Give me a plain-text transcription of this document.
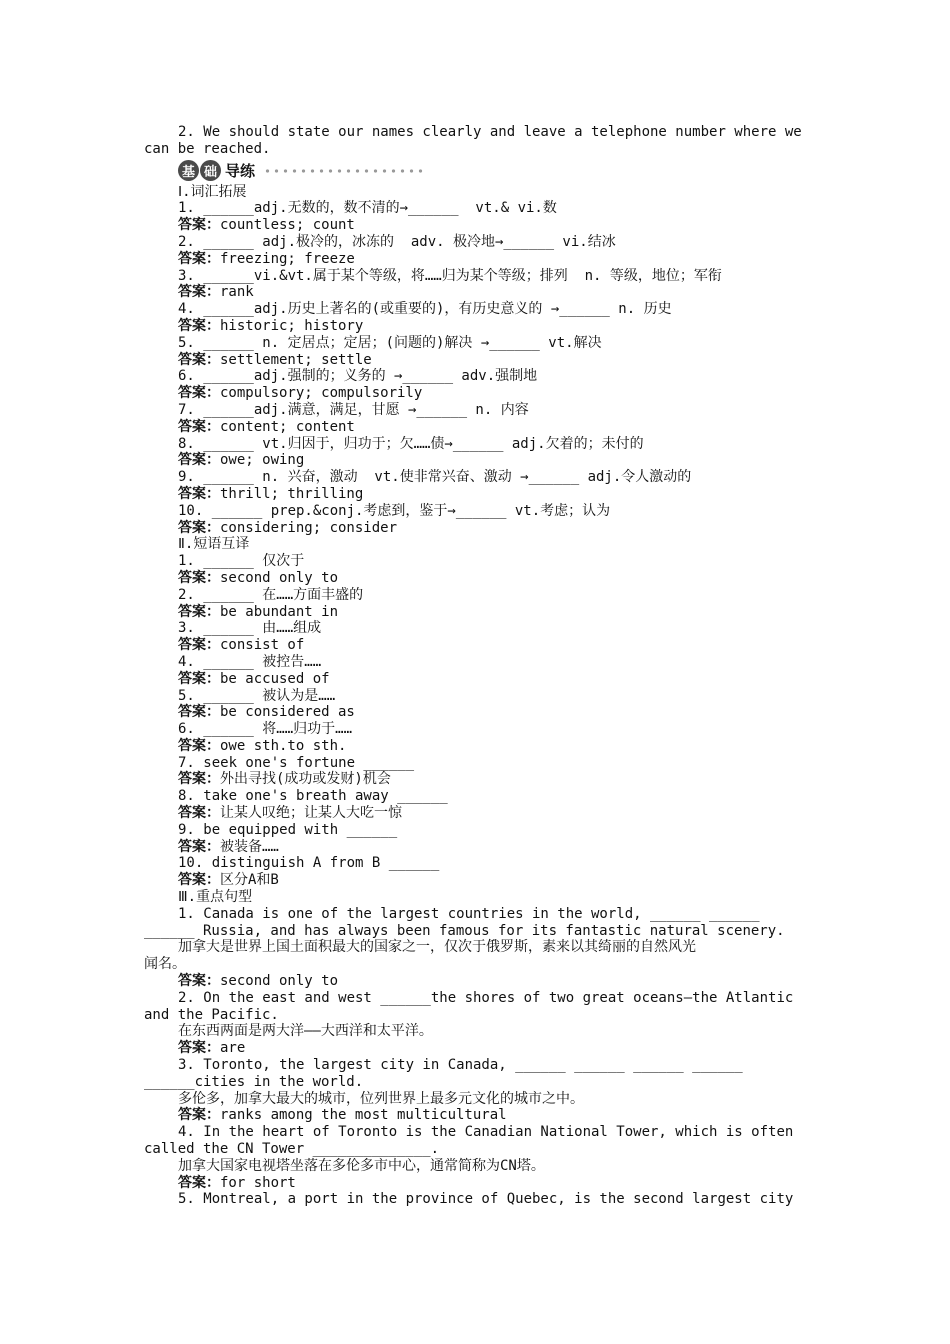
2. We should state our names clearly and leave a telephone number where we
can be reached.
基 础 导练
Ⅰ.词汇拓展
1. ______adj.无数的，数不清的→______  vt.& vi.数
答案：countless; count
2. ______ adj.极冷的，冰冻的  adv. 极冷地→______ vi.结冰
答案：freezing; freeze
3. ______vi.&vt.属于某个等级，将……归为某个等级；排列  n. 等级，地位；军衔
答案：rank
4. ______adj.历史上著名的(或重要的)，有历史意义的 →______ n. 历史
答案：historic; history
5. ______ n. 定居点；定居；(问题的)解决 →______ vt.解决
答案：settlement; settle
6. ______adj.强制的；义务的 →______ adv.强制地
答案：compulsory; compulsorily
7. ______adj.满意，满足，甘愿 →______ n. 内容
答案：content; content
8. ______ vt.归因于，归功于；欠……债→______ adj.欠着的；未付的
答案：owe; owing
9. ______ n. 兴奋，激动  vt.使非常兴奋、激动 →______ adj.令人激动的
答案：thrill; thrilling
10. ______ prep.&conj.考虑到，鉴于→______ vt.考虑；认为
答案：considering; consider
Ⅱ.短语互译
1. ______ 仅次于
答案：second only to
2. ______ 在……方面丰盛的
答案：be abundant in
3. ______ 由……组成
答案：consist of
4. ______ 被控告……
答案：be accused of
5. ______ 被认为是……
答案：be considered as
6. ______ 将……归功于……
答案：owe sth.to sth.
7. seek one's fortune ______
答案：外出寻找(成功或发财)机会
8. take one's breath away ______
答案：让某人叹绝；让某人大吃一惊
9. be equipped with ______
答案：被装备……
10. distinguish A from B ______
答案：区分A和B
Ⅲ.重点句型
1. Canada is one of the largest countries in the world, ______ ______
______ Russia, and has always been famous for its fantastic natural scenery.
加拿大是世界上国土面积最大的国家之一，仅次于俄罗斯，素来以其绮丽的自然风光
闻名。
答案：second only to
2. On the east and west ______the shores of two great oceans—the Atlantic
and the Pacific.
在东西两面是两大洋——大西洋和太平洋。
答案：are
3. Toronto, the largest city in Canada, ______ ______ ______ ______
______cities in the world.
多伦多，加拿大最大的城市，位列世界上最多元文化的城市之中。
答案：ranks among the most multicultural
4. In the heart of Toronto is the Canadian National Tower, which is often
called the CN Tower ______________.
加拿大国家电视塔坐落在多伦多市中心，通常简称为CN塔。
答案：for short
5. Montreal, a port in the province of Quebec, is the second largest city
